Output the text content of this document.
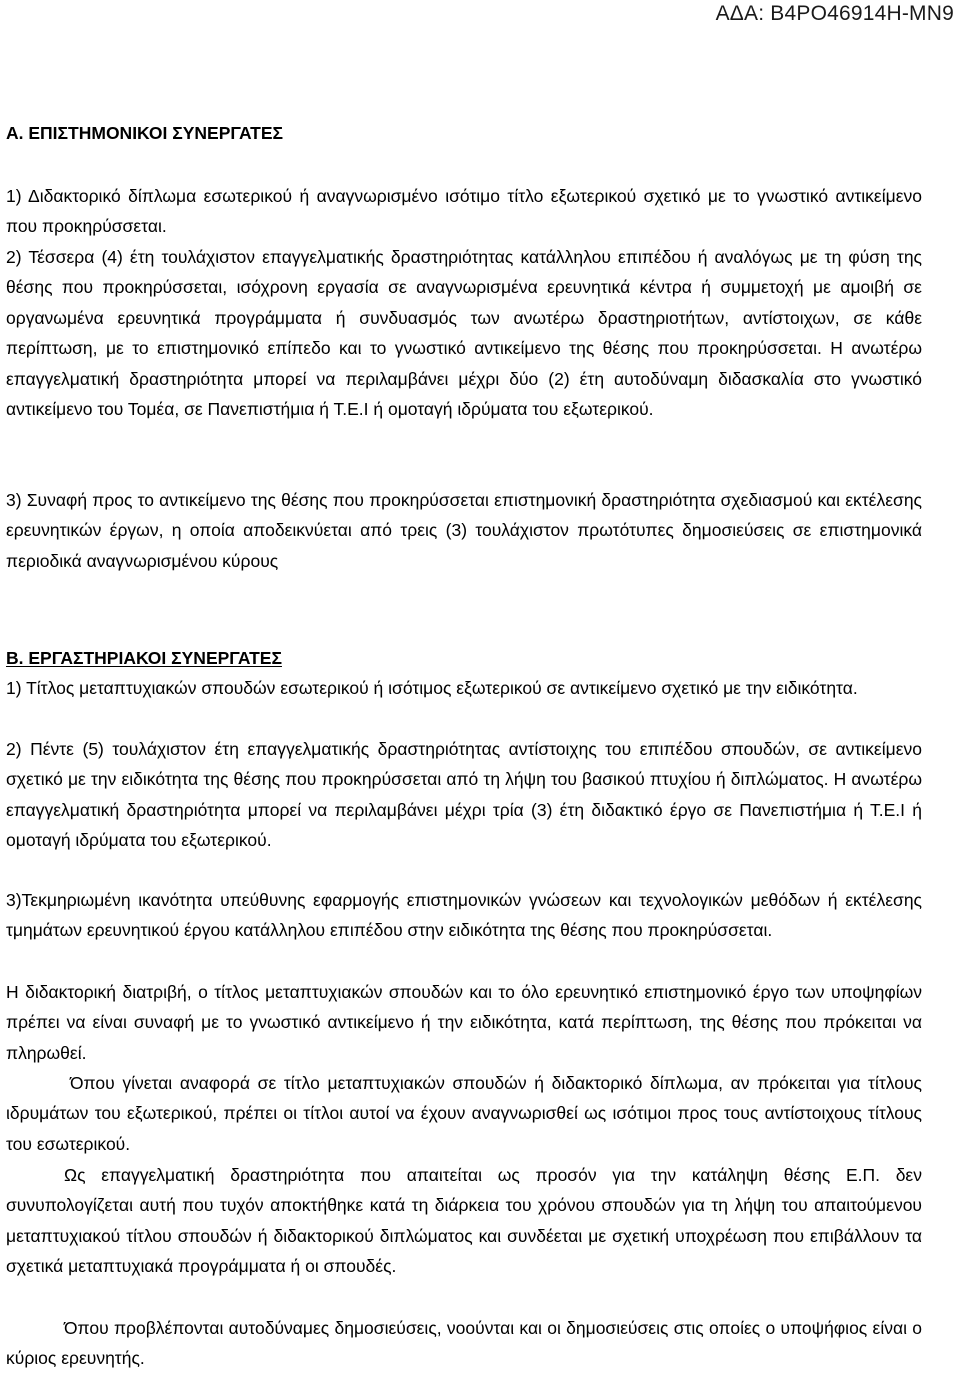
ΑΔΑ: Β4ΡΟ46914Η-ΜΝ9
Α. ΕΠΙΣΤΗΜΟΝΙΚΟΙ ΣΥΝΕΡΓΑΤΕΣ
1) Διδακτορικό δίπλωμα εσωτερικού ή αναγνωρισμένο ισότιμο τίτλο εξωτερικού σχετικό με το γνωστικό αντικείμενο που προκηρύσσεται.
2) Τέσσερα (4) έτη τουλάχιστον επαγγελματικής δραστηριότητας κατάλληλου επιπέδου ή αναλόγως με τη φύση της θέσης που προκηρύσσεται, ισόχρονη εργασία σε αναγνωρισμένα ερευνητικά κέντρα ή συμμετοχή με αμοιβή σε οργανωμένα ερευνητικά προγράμματα ή συνδυασμός των ανωτέρω δραστηριοτήτων, αντίστοιχων, σε κάθε περίπτωση, με το επιστημονικό επίπεδο και το γνωστικό αντικείμενο της θέσης που προκηρύσσεται. Η ανωτέρω επαγγελματική δραστηριότητα μπορεί να περιλαμβάνει μέχρι δύο (2) έτη αυτοδύναμη διδασκαλία στο γνωστικό αντικείμενο του Τομέα, σε Πανεπιστήμια ή Τ.Ε.Ι ή ομοταγή ιδρύματα του εξωτερικού.
3) Συναφή προς το αντικείμενο της θέσης που προκηρύσσεται επιστημονική δραστηριότητα σχεδιασμού και εκτέλεσης ερευνητικών έργων, η οποία αποδεικνύεται από τρεις (3) τουλάχιστον πρωτότυπες δημοσιεύσεις σε επιστημονικά περιοδικά αναγνωρισμένου κύρους
Β. ΕΡΓΑΣΤΗΡΙΑΚΟΙ ΣΥΝΕΡΓΑΤΕΣ
1) Τίτλος μεταπτυχιακών σπουδών εσωτερικού ή ισότιμος εξωτερικού σε αντικείμενο σχετικό με την ειδικότητα.
2) Πέντε (5) τουλάχιστον έτη επαγγελματικής δραστηριότητας αντίστοιχης του επιπέδου σπουδών, σε αντικείμενο σχετικό με την ειδικότητα της θέσης που προκηρύσσεται από τη λήψη του βασικού πτυχίου ή διπλώματος. Η ανωτέρω επαγγελματική δραστηριότητα μπορεί να περιλαμβάνει μέχρι τρία (3) έτη διδακτικό έργο σε Πανεπιστήμια ή Τ.Ε.Ι ή ομοταγή ιδρύματα του εξωτερικού.
3)Τεκμηριωμένη ικανότητα υπεύθυνης εφαρμογής επιστημονικών γνώσεων και τεχνολογικών μεθόδων ή εκτέλεσης τμημάτων ερευνητικού έργου κατάλληλου επιπέδου στην ειδικότητα της θέσης που προκηρύσσεται.
Η διδακτορική διατριβή, ο τίτλος μεταπτυχιακών σπουδών και το όλο ερευνητικό επιστημονικό έργο των υποψηφίων πρέπει να είναι συναφή με το γνωστικό αντικείμενο ή την ειδικότητα, κατά περίπτωση, της θέσης που πρόκειται να πληρωθεί.
Όπου γίνεται αναφορά σε τίτλο μεταπτυχιακών σπουδών ή διδακτορικό δίπλωμα, αν πρόκειται για τίτλους ιδρυμάτων του εξωτερικού, πρέπει οι τίτλοι αυτοί να έχουν αναγνωρισθεί ως ισότιμοι προς τους αντίστοιχους τίτλους του εσωτερικού.
Ως επαγγελματική δραστηριότητα που απαιτείται ως προσόν για την κατάληψη θέσης Ε.Π. δεν συνυπολογίζεται αυτή που τυχόν αποκτήθηκε κατά τη διάρκεια του χρόνου σπουδών για τη λήψη του απαιτούμενου μεταπτυχιακού τίτλου σπουδών ή διδακτορικού διπλώματος και συνδέεται με σχετική υποχρέωση που επιβάλλουν τα σχετικά μεταπτυχιακά προγράμματα ή οι σπουδές.
Όπου προβλέπονται αυτοδύναμες δημοσιεύσεις, νοούνται και οι δημοσιεύσεις στις οποίες ο υποψήφιος είναι ο κύριος ερευνητής.
